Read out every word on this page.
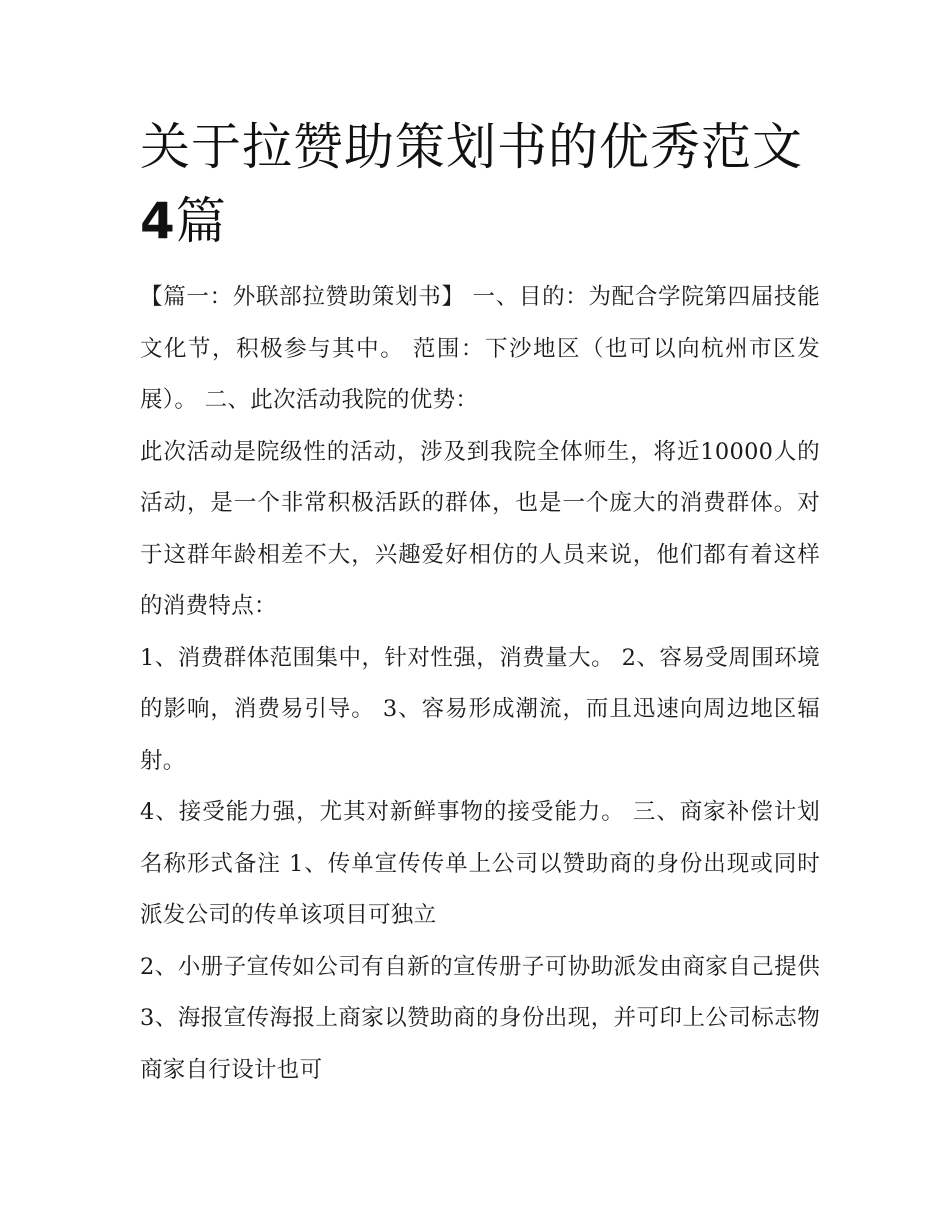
关于拉赞助策划书的优秀范文
4篇

【篇一：外联部拉赞助策划书】 一、目的：为配合学院第四届技能文化节，积极参与其中。 范围：下沙地区（也可以向杭州市区发展）。 二、此次活动我院的优势：

此次活动是院级性的活动，涉及到我院全体师生，将近10000人的活动，是一个非常积极活跃的群体，也是一个庞大的消费群体。对于这群年龄相差不大，兴趣爱好相仿的人员来说，他们都有着这样的消费特点：

1、消费群体范围集中，针对性强，消费量大。 2、容易受周围环境的影响，消费易引导。 3、容易形成潮流，而且迅速向周边地区辐射。

4、接受能力强，尤其对新鲜事物的接受能力。 三、商家补偿计划 名称形式备注 1、传单宣传传单上公司以赞助商的身份出现或同时派发公司的传单该项目可独立

2、小册子宣传如公司有自新的宣传册子可协助派发由商家自己提供 3、海报宣传海报上商家以赞助商的身份出现，并可印上公司标志物商家自行设计也可
